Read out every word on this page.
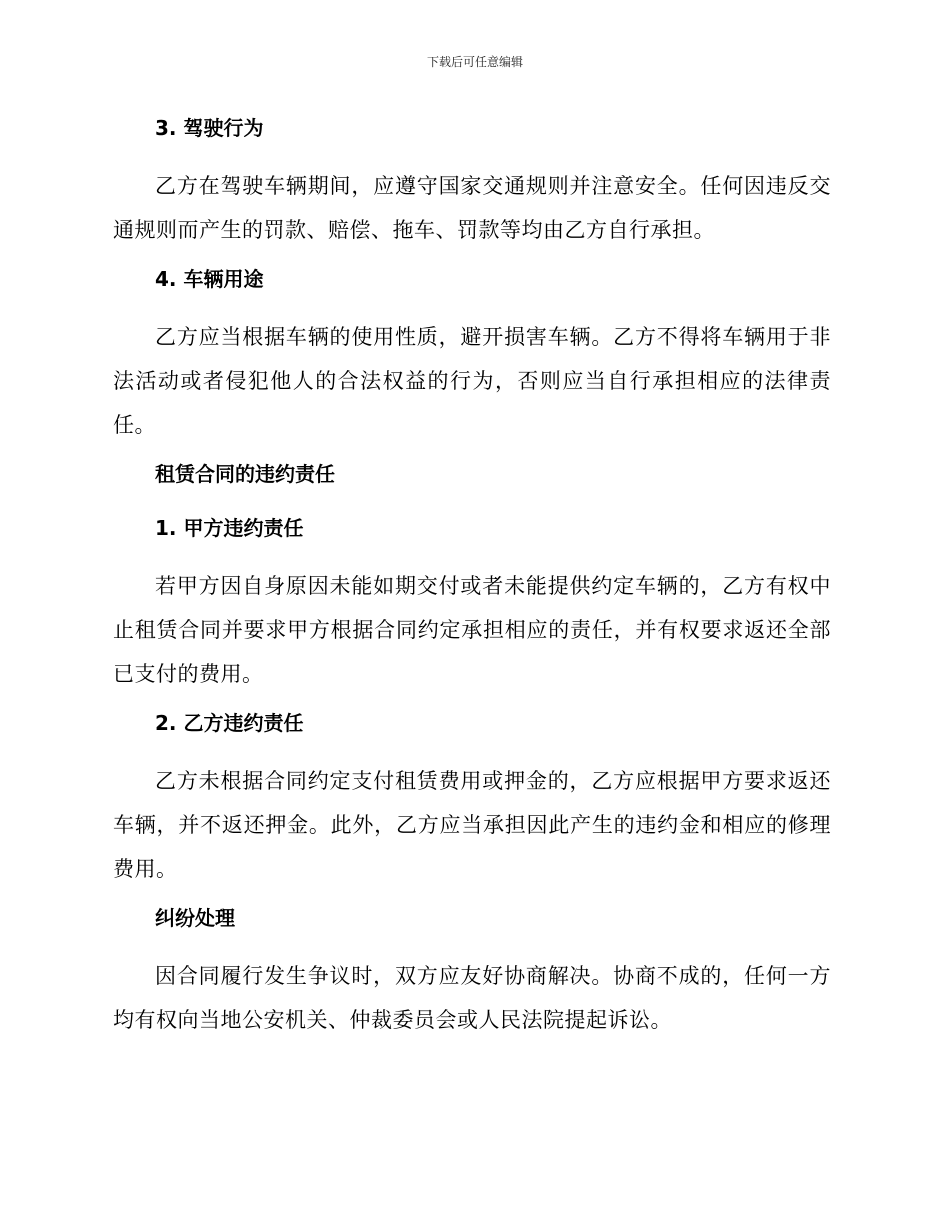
下载后可任意编辑
3. 驾驶行为
乙方在驾驶车辆期间，应遵守国家交通规则并注意安全。任何因违反交通规则而产生的罚款、赔偿、拖车、罚款等均由乙方自行承担。
4. 车辆用途
乙方应当根据车辆的使用性质，避开损害车辆。乙方不得将车辆用于非法活动或者侵犯他人的合法权益的行为，否则应当自行承担相应的法律责任。
租赁合同的违约责任
1. 甲方违约责任
若甲方因自身原因未能如期交付或者未能提供约定车辆的，乙方有权中止租赁合同并要求甲方根据合同约定承担相应的责任，并有权要求返还全部已支付的费用。
2. 乙方违约责任
乙方未根据合同约定支付租赁费用或押金的，乙方应根据甲方要求返还车辆，并不返还押金。此外，乙方应当承担因此产生的违约金和相应的修理费用。
纠纷处理
因合同履行发生争议时，双方应友好协商解决。协商不成的，任何一方均有权向当地公安机关、仲裁委员会或人民法院提起诉讼。
